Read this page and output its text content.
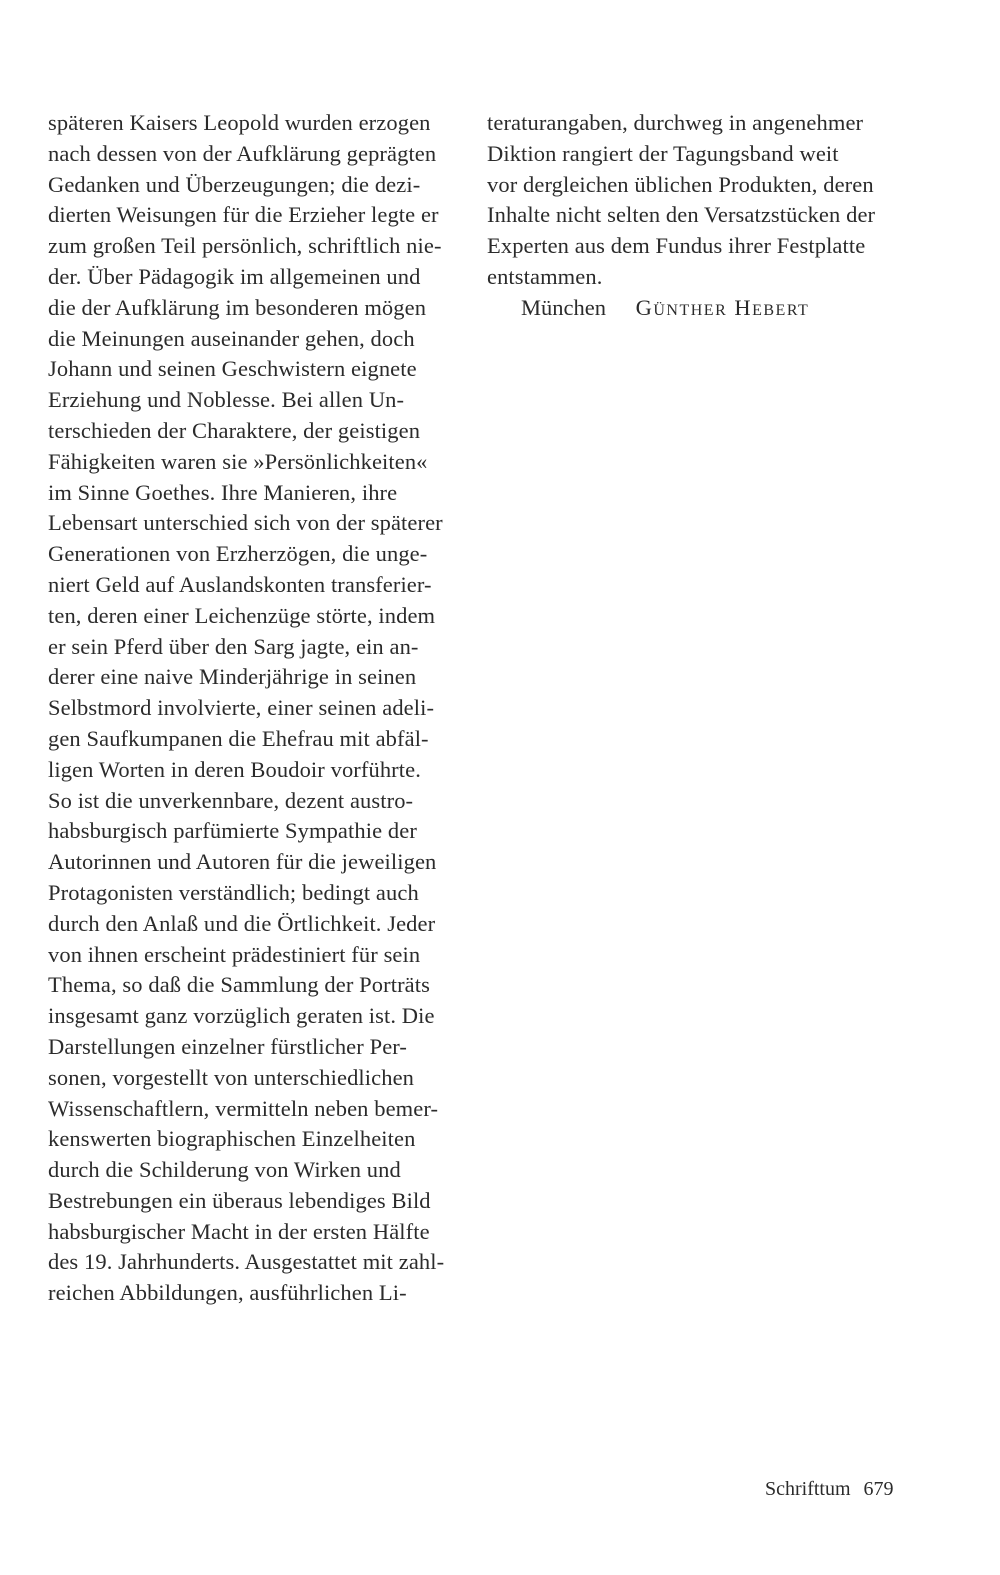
späteren Kaisers Leopold wurden erzogen
nach dessen von der Aufklärung geprägten
Gedanken und Überzeugungen; die dezi-
dierten Weisungen für die Erzieher legte er
zum großen Teil persönlich, schriftlich nie-
der. Über Pädagogik im allgemeinen und
die der Aufklärung im besonderen mögen
die Meinungen auseinander gehen, doch
Johann und seinen Geschwistern eignete
Erziehung und Noblesse. Bei allen Un-
terschieden der Charaktere, der geistigen
Fähigkeiten waren sie »Persönlichkeiten«
im Sinne Goethes. Ihre Manieren, ihre
Lebensart unterschied sich von der späterer
Generationen von Erzherzögen, die unge-
niert Geld auf Auslandskonten transferier-
ten, deren einer Leichenzüge störte, indem
er sein Pferd über den Sarg jagte, ein an-
derer eine naive Minderjährige in seinen
Selbstmord involvierte, einer seinen adeli-
gen Saufkumpanen die Ehefrau mit abfäl-
ligen Worten in deren Boudoir vorführte.
So ist die unverkennbare, dezent austro-
habsburgisch parfümierte Sympathie der
Autorinnen und Autoren für die jeweiligen
Protagonisten verständlich; bedingt auch
durch den Anlaß und die Örtlichkeit. Jeder
von ihnen erscheint prädestiniert für sein
Thema, so daß die Sammlung der Porträts
insgesamt ganz vorzüglich geraten ist. Die
Darstellungen einzelner fürstlicher Per-
sonen, vorgestellt von unterschiedlichen
Wissenschaftlern, vermitteln neben bemer-
kenswerten biographischen Einzelheiten
durch die Schilderung von Wirken und
Bestrebungen ein überaus lebendiges Bild
habsburgischer Macht in der ersten Hälfte
des 19. Jahrhunderts. Ausgestattet mit zahl-
reichen Abbildungen, ausführlichen Li-
teraturangaben, durchweg in angenehmer
Diktion rangiert der Tagungsband weit
vor dergleichen üblichen Produkten, deren
Inhalte nicht selten den Versatzstücken der
Experten aus dem Fundus ihrer Festplatte
entstammen.
München Günther Hebert
Schrifttum 679
